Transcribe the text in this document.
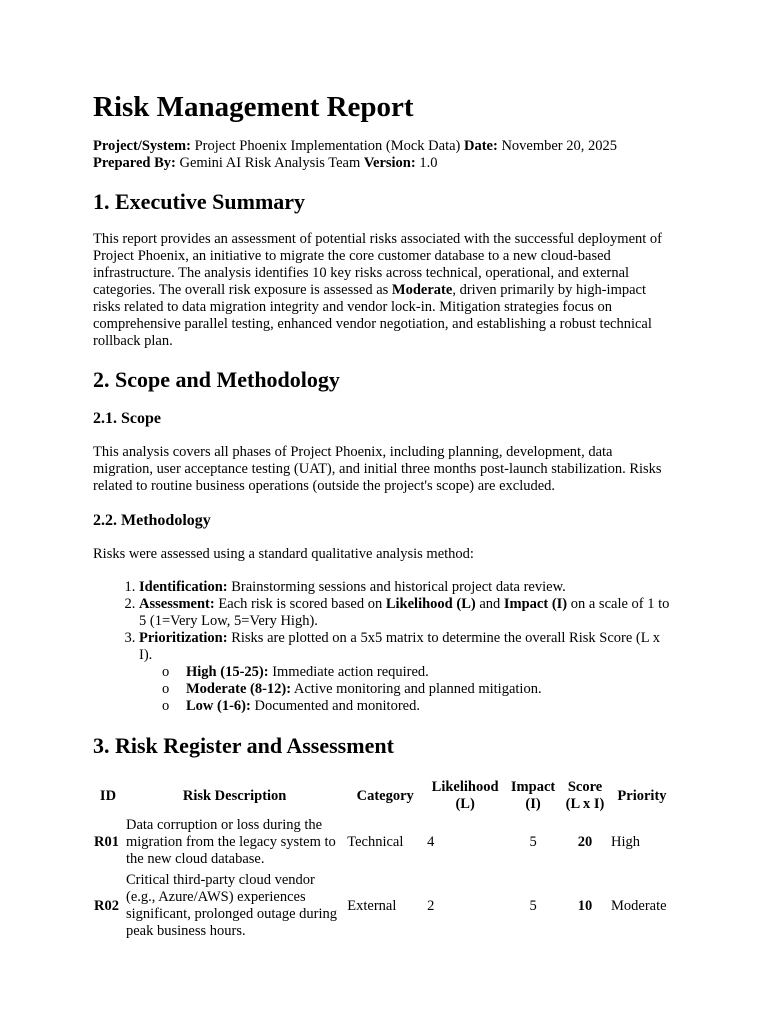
Risk Management Report

Project/System: Project Phoenix Implementation (Mock Data) Date: November 20, 2025 Prepared By: Gemini AI Risk Analysis Team Version: 1.0

1. Executive Summary

This report provides an assessment of potential risks associated with the successful deployment of Project Phoenix, an initiative to migrate the core customer database to a new cloud-based infrastructure. The analysis identifies 10 key risks across technical, operational, and external categories. The overall risk exposure is assessed as Moderate, driven primarily by high-impact risks related to data migration integrity and vendor lock-in. Mitigation strategies focus on comprehensive parallel testing, enhanced vendor negotiation, and establishing a robust technical rollback plan.

2. Scope and Methodology
2.1. Scope

This analysis covers all phases of Project Phoenix, including planning, development, data migration, user acceptance testing (UAT), and initial three months post-launch stabilization. Risks related to routine business operations (outside the project's scope) are excluded.

2.2. Methodology

Risks were assessed using a standard qualitative analysis method:

1. Identification: Brainstorming sessions and historical project data review.
2. Assessment: Each risk is scored based on Likelihood (L) and Impact (I) on a scale of 1 to 5 (1=Very Low, 5=Very High).
3. Prioritization: Risks are plotted on a 5x5 matrix to determine the overall Risk Score (L x I).
o High (15-25): Immediate action required.
o Moderate (8-12): Active monitoring and planned mitigation.
o Low (1-6): Documented and monitored.
3. Risk Register and Assessment
ID	Risk Description	Category	Likelihood (L)	Impact (I)	Score (L x I)	Priority
R01	Data corruption or loss during the migration from the legacy system to the new cloud database.	Technical	4	5	20	High
R02	Critical third-party cloud vendor (e.g., Azure/AWS) experiences significant, prolonged outage during peak business hours.	External	2	5	10	Moderate
